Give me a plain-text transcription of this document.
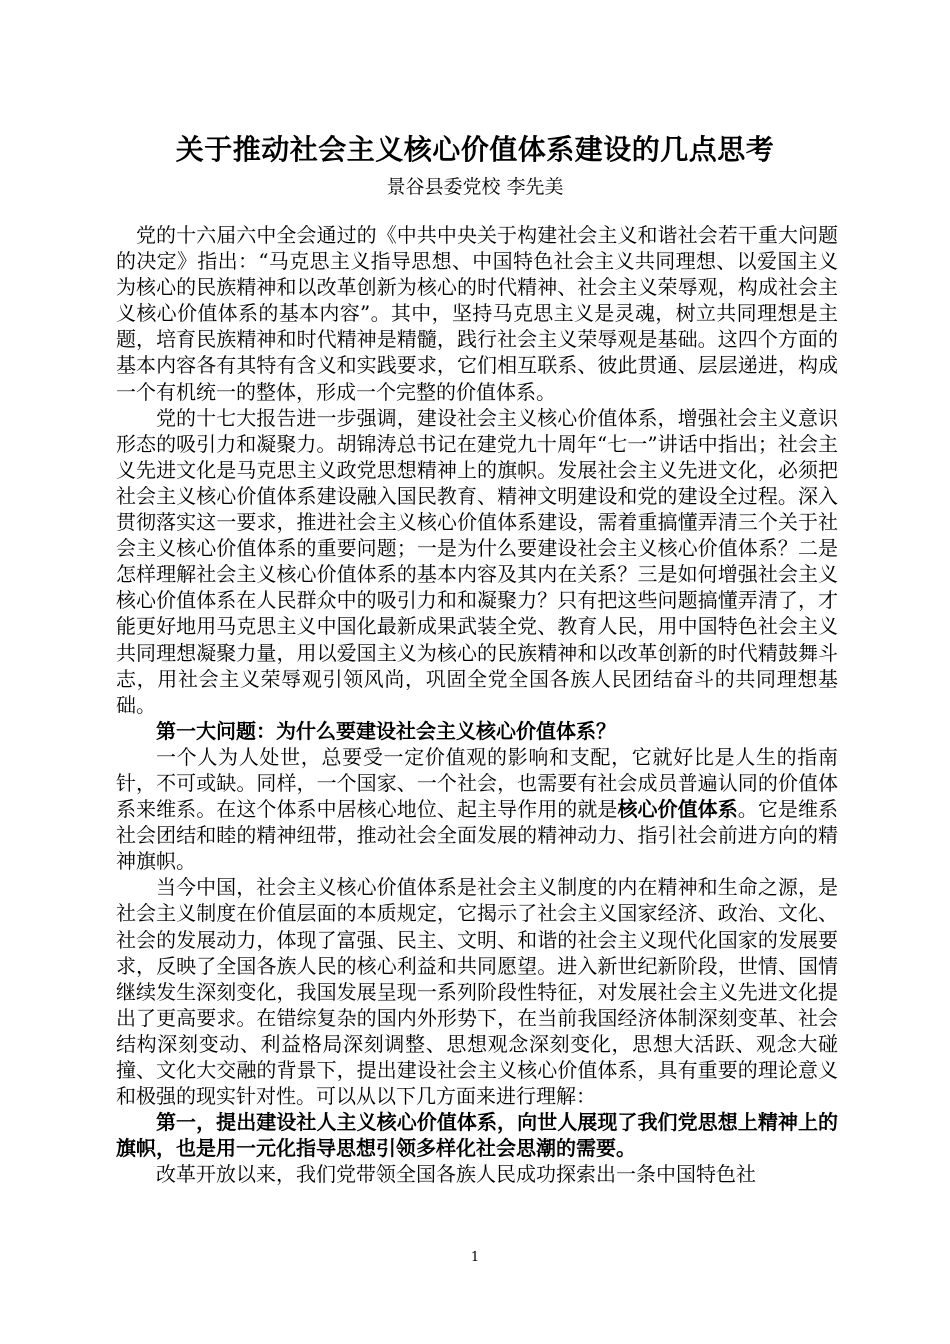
关于推动社会主义核心价值体系建设的几点思考
景谷县委党校 李先美

党的十六届六中全会通过的《中共中央关于构建社会主义和谐社会若干重大问题的决定》指出：“马克思主义指导思想、中国特色社会主义共同理想、以爱国主义为核心的民族精神和以改革创新为核心的时代精神、社会主义荣辱观，构成社会主义核心价值体系的基本内容”。其中，坚持马克思主义是灵魂，树立共同理想是主题，培育民族精神和时代精神是精髓，践行社会主义荣辱观是基础。这四个方面的基本内容各有其特有含义和实践要求，它们相互联系、彼此贯通、层层递进，构成一个有机统一的整体，形成一个完整的价值体系。

党的十七大报告进一步强调，建设社会主义核心价值体系，增强社会主义意识形态的吸引力和凝聚力。胡锦涛总书记在建党九十周年“七一”讲话中指出；社会主义先进文化是马克思主义政党思想精神上的旗帜。发展社会主义先进文化，必须把社会主义核心价值体系建设融入国民教育、精神文明建设和党的建设全过程。深入贯彻落实这一要求，推进社会主义核心价值体系建设，需着重搞懂弄清三个关于社会主义核心价值体系的重要问题；一是为什么要建设社会主义核心价值体系？二是怎样理解社会主义核心价值体系的基本内容及其内在关系？三是如何增强社会主义核心价值体系在人民群众中的吸引力和和凝聚力？只有把这些问题搞懂弄清了，才能更好地用马克思主义中国化最新成果武装全党、教育人民，用中国特色社会主义共同理想凝聚力量，用以爱国主义为核心的民族精神和以改革创新的时代精鼓舞斗志，用社会主义荣辱观引领风尚，巩固全党全国各族人民团结奋斗的共同理想基础。

第一大问题：为什么要建设社会主义核心价值体系？

一个人为人处世，总要受一定价值观的影响和支配，它就好比是人生的指南针，不可或缺。同样，一个国家、一个社会，也需要有社会成员普遍认同的价值体系来维系。在这个体系中居核心地位、起主导作用的就是核心价值体系。它是维系社会团结和睦的精神纽带，推动社会全面发展的精神动力、指引社会前进方向的精神旗帜。

当今中国，社会主义核心价值体系是社会主义制度的内在精神和生命之源，是社会主义制度在价值层面的本质规定，它揭示了社会主义国家经济、政治、文化、社会的发展动力，体现了富强、民主、文明、和谐的社会主义现代化国家的发展要求，反映了全国各族人民的核心利益和共同愿望。进入新世纪新阶段，世情、国情继续发生深刻变化，我国发展呈现一系列阶段性特征，对发展社会主义先进文化提出了更高要求。在错综复杂的国内外形势下，在当前我国经济体制深刻变革、社会结构深刻变动、利益格局深刻调整、思想观念深刻变化，思想大活跃、观念大碰撞、文化大交融的背景下，提出建设社会主义核心价值体系，具有重要的理论意义和极强的现实针对性。可以从以下几方面来进行理解：

第一，提出建设社人主义核心价值体系，向世人展现了我们党思想上精神上的旗帜，也是用一元化指导思想引领多样化社会思潮的需要。

改革开放以来，我们党带领全国各族人民成功探索出一条中国特色社

1
